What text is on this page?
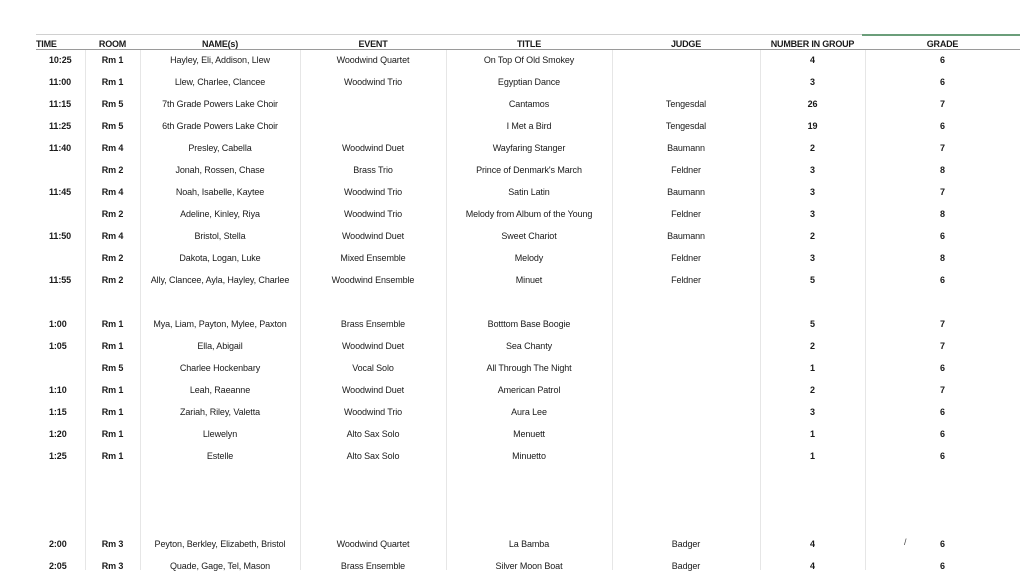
TIME	ROOM	NAME(s)	EVENT	TITLE	JUDGE	NUMBER IN GROUP	GRADE
10:25	Rm 1	Hayley, Eli, Addison, Llew	Woodwind Quartet	On Top Of Old Smokey		4	6
11:00	Rm 1	Llew, Charlee, Clancee	Woodwind Trio	Egyptian Dance		3	6
11:15	Rm 5	7th Grade Powers Lake Choir		Cantamos	Tengesdal	26	7
11:25	Rm 5	6th Grade Powers Lake Choir		I Met a Bird	Tengesdal	19	6
11:40	Rm 4	Presley, Cabella	Woodwind Duet	Wayfaring Stanger	Baumann	2	7
	Rm 2	Jonah, Rossen, Chase	Brass Trio	Prince of Denmark's March	Feldner	3	8
11:45	Rm 4	Noah, Isabelle, Kaytee	Woodwind Trio	Satin Latin	Baumann	3	7
	Rm 2	Adeline, Kinley, Riya	Woodwind Trio	Melody from Album of the Young	Feldner	3	8
11:50	Rm 4	Bristol, Stella	Woodwind Duet	Sweet Chariot	Baumann	2	6
	Rm 2	Dakota, Logan, Luke	Mixed Ensemble	Melody	Feldner	3	8
11:55	Rm 2	Ally, Clancee, Ayla, Hayley, Charlee	Woodwind Ensemble	Minuet	Feldner	5	6

1:00	Rm 1	Mya, Liam, Payton, Mylee, Paxton	Brass Ensemble	Botttom Base Boogie		5	7
1:05	Rm 1	Ella, Abigail	Woodwind Duet	Sea Chanty		2	7
	Rm 5	Charlee Hockenbary	Vocal Solo	All Through The Night		1	6
1:10	Rm 1	Leah, Raeanne	Woodwind Duet	American Patrol		2	7
1:15	Rm 1	Zariah, Riley, Valetta	Woodwind Trio	Aura Lee		3	6
1:20	Rm 1	Llewelyn	Alto Sax Solo	Menuett		1	6
1:25	Rm 1	Estelle	Alto Sax Solo	Minuetto		1	6

2:00	Rm 3	Peyton, Berkley, Elizabeth, Bristol	Woodwind Quartet	La Bamba	Badger	4	6
2:05	Rm 3	Quade, Gage, Tel, Mason	Brass Ensemble	Silver Moon Boat	Badger	4	6
/
